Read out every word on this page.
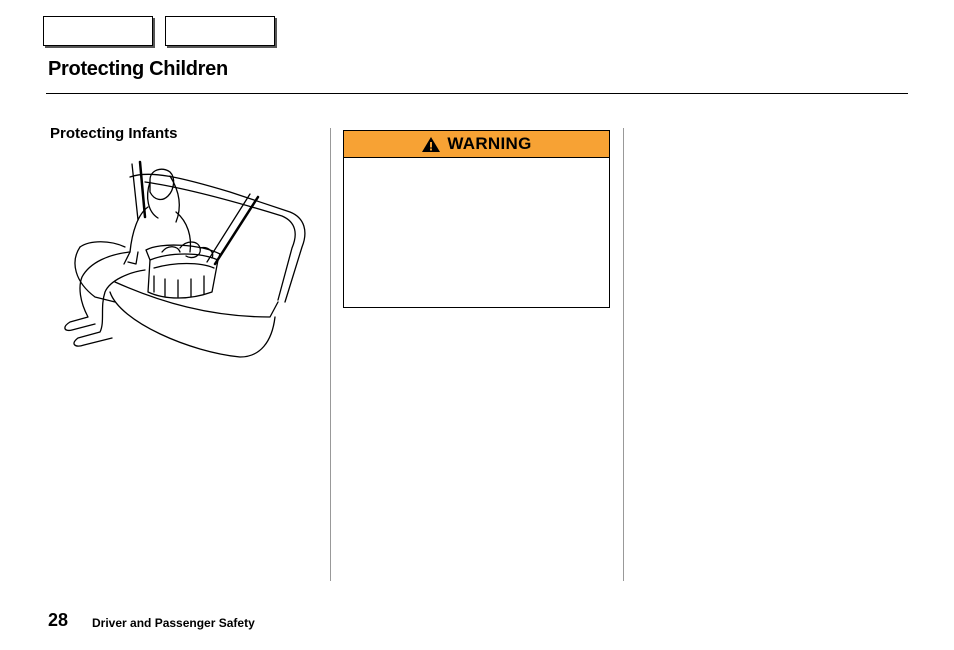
Protecting Children
Protecting Infants
WARNING
28 Driver and Passenger Safety
